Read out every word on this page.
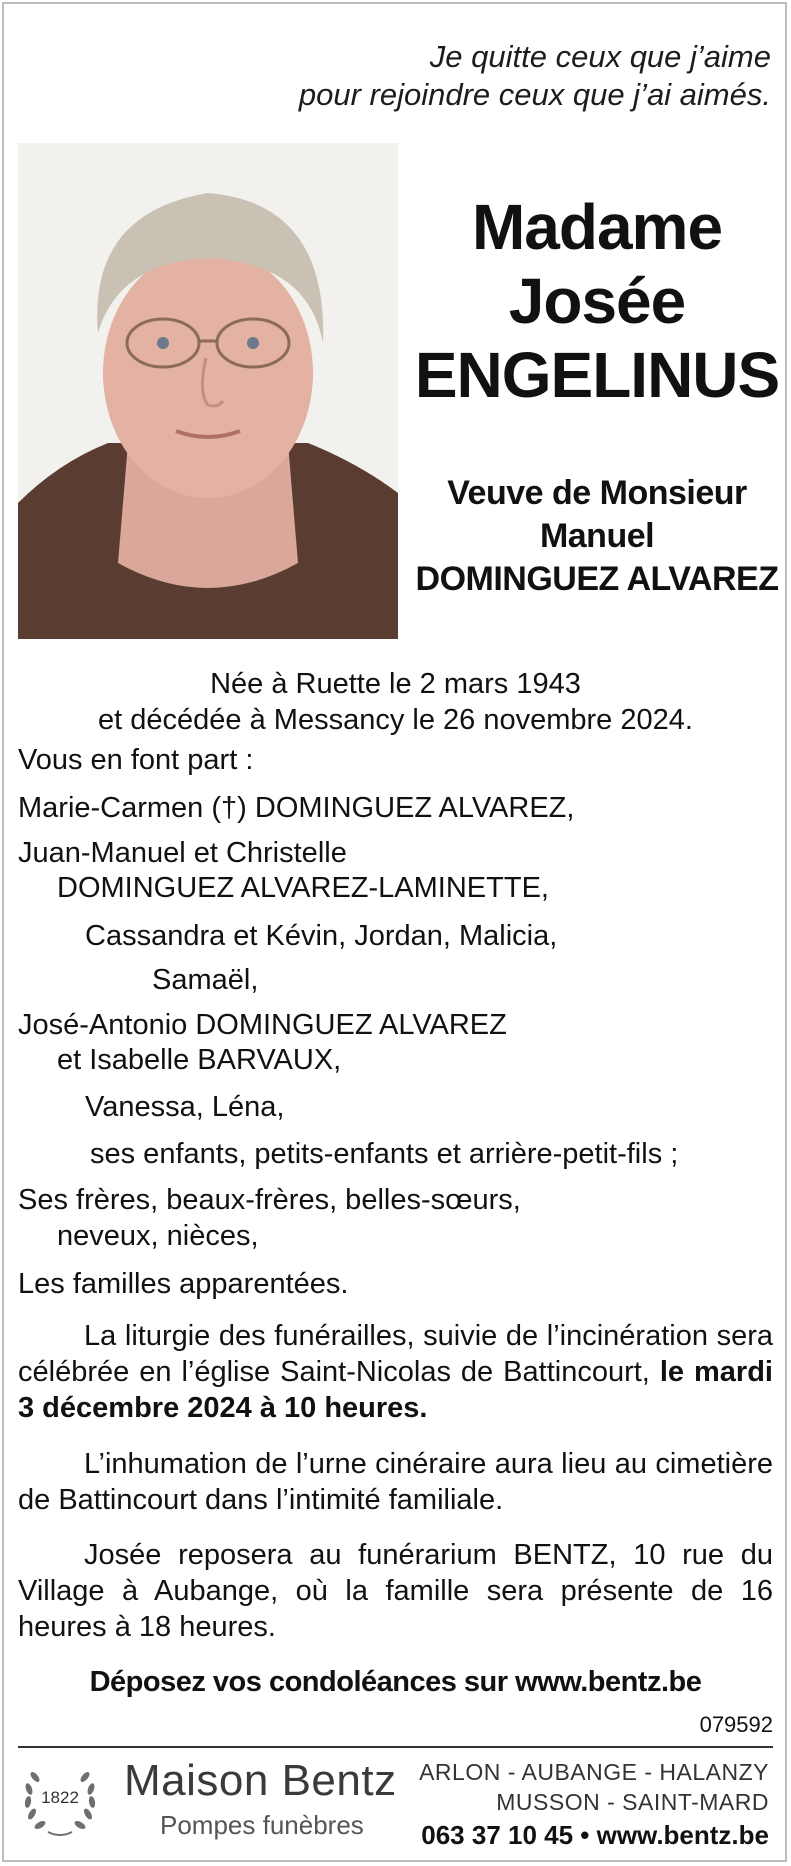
Je quitte ceux que j’aime
pour rejoindre ceux que j’ai aimés.
Madame
Josée
ENGELINUS
Veuve de Monsieur
Manuel
DOMINGUEZ ALVAREZ
Née à Ruette le 2 mars 1943
et décédée à Messancy le 26 novembre 2024.
Vous en font part :
Marie-Carmen (†) DOMINGUEZ ALVAREZ,
Juan-Manuel et Christelle
DOMINGUEZ ALVAREZ-LAMINETTE,
Cassandra et Kévin, Jordan, Malicia,
Samaël,
José-Antonio DOMINGUEZ ALVAREZ
et Isabelle BARVAUX,
Vanessa, Léna,
ses enfants, petits-enfants et arrière-petit-fils ;
Ses frères, beaux-frères, belles-sœurs,
neveux, nièces,
Les familles apparentées.
La liturgie des funérailles, suivie de l’incinération sera célébrée en l’église Saint-Nicolas de Battincourt, le mardi 3 décembre 2024 à 10 heures.
L’inhumation de l’urne cinéraire aura lieu au cimetière de Battincourt dans l’intimité familiale.
Josée reposera au funérarium BENTZ, 10 rue du Village à Aubange, où la famille sera présente de 16 heures à 18 heures.
Déposez vos condoléances sur www.bentz.be
079592
1822	Maison Bentz
Pompes funèbres
ARLON - AUBANGE - HALANZY
MUSSON - SAINT-MARD
063 37 10 45 • www.bentz.be
